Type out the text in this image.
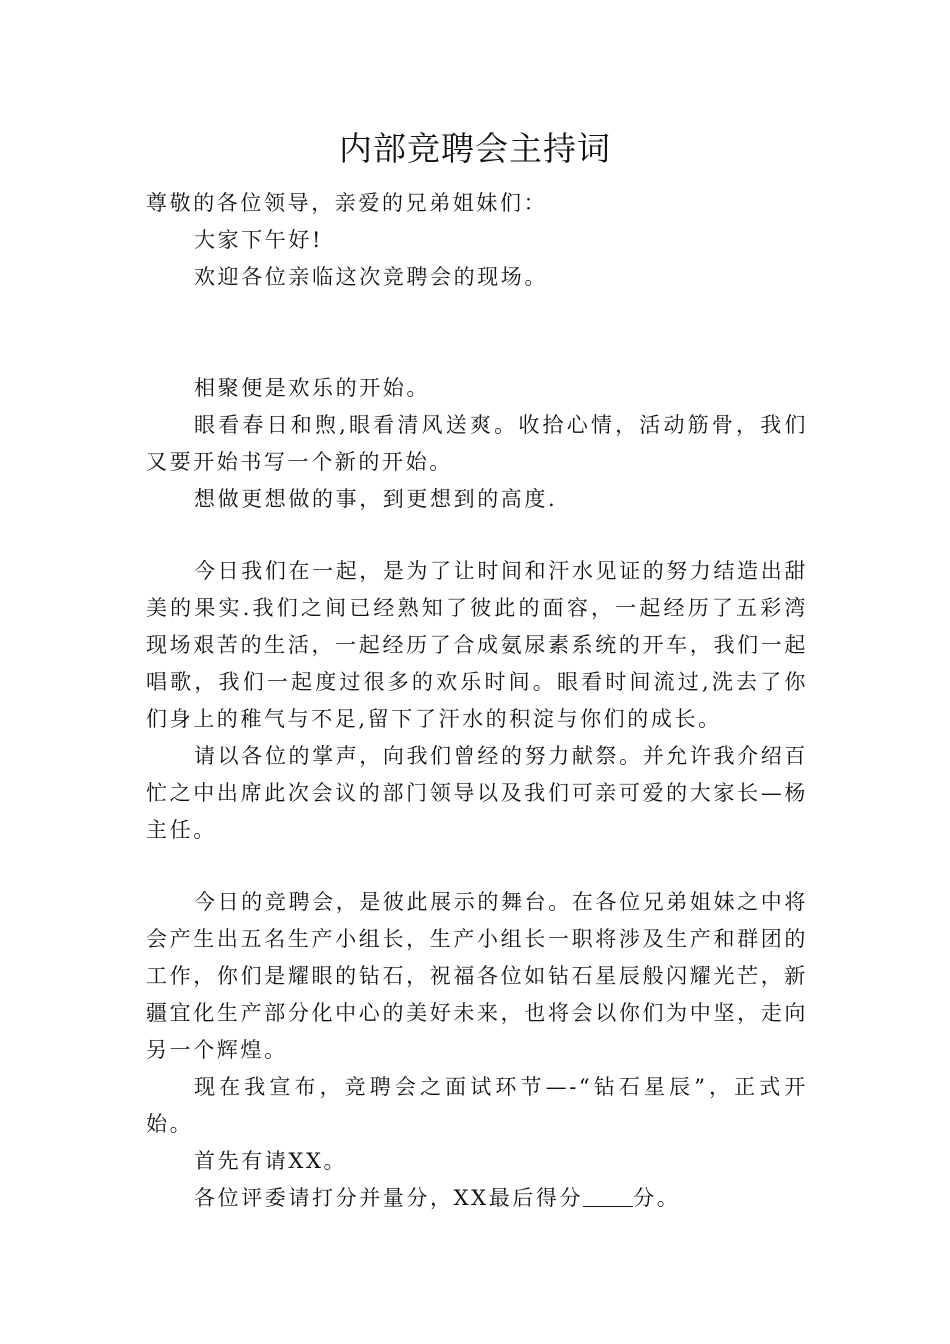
内部竞聘会主持词

尊敬的各位领导，亲爱的兄弟姐妹们：

大家下午好!

欢迎各位亲临这次竞聘会的现场。

相聚便是欢乐的开始。

眼看春日和煦,眼看清风送爽。收拾心情，活动筋骨，我们又要开始书写一个新的开始。

想做更想做的事，到更想到的高度.

今日我们在一起，是为了让时间和汗水见证的努力结造出甜美的果实.我们之间已经熟知了彼此的面容，一起经历了五彩湾现场艰苦的生活，一起经历了合成氨尿素系统的开车，我们一起唱歌，我们一起度过很多的欢乐时间。眼看时间流过,洗去了你们身上的稚气与不足,留下了汗水的积淀与你们的成长。

请以各位的掌声，向我们曾经的努力献祭。并允许我介绍百忙之中出席此次会议的部门领导以及我们可亲可爱的大家长—杨主任。

今日的竞聘会，是彼此展示的舞台。在各位兄弟姐妹之中将会产生出五名生产小组长，生产小组长一职将涉及生产和群团的工作，你们是耀眼的钻石，祝福各位如钻石星辰般闪耀光芒，新疆宜化生产部分化中心的美好未来，也将会以你们为中坚，走向另一个辉煌。

现在我宣布，竞聘会之面试环节—-“钻石星辰”，正式开始。

首先有请XX。

各位评委请打分并量分，XX最后得分 分。
